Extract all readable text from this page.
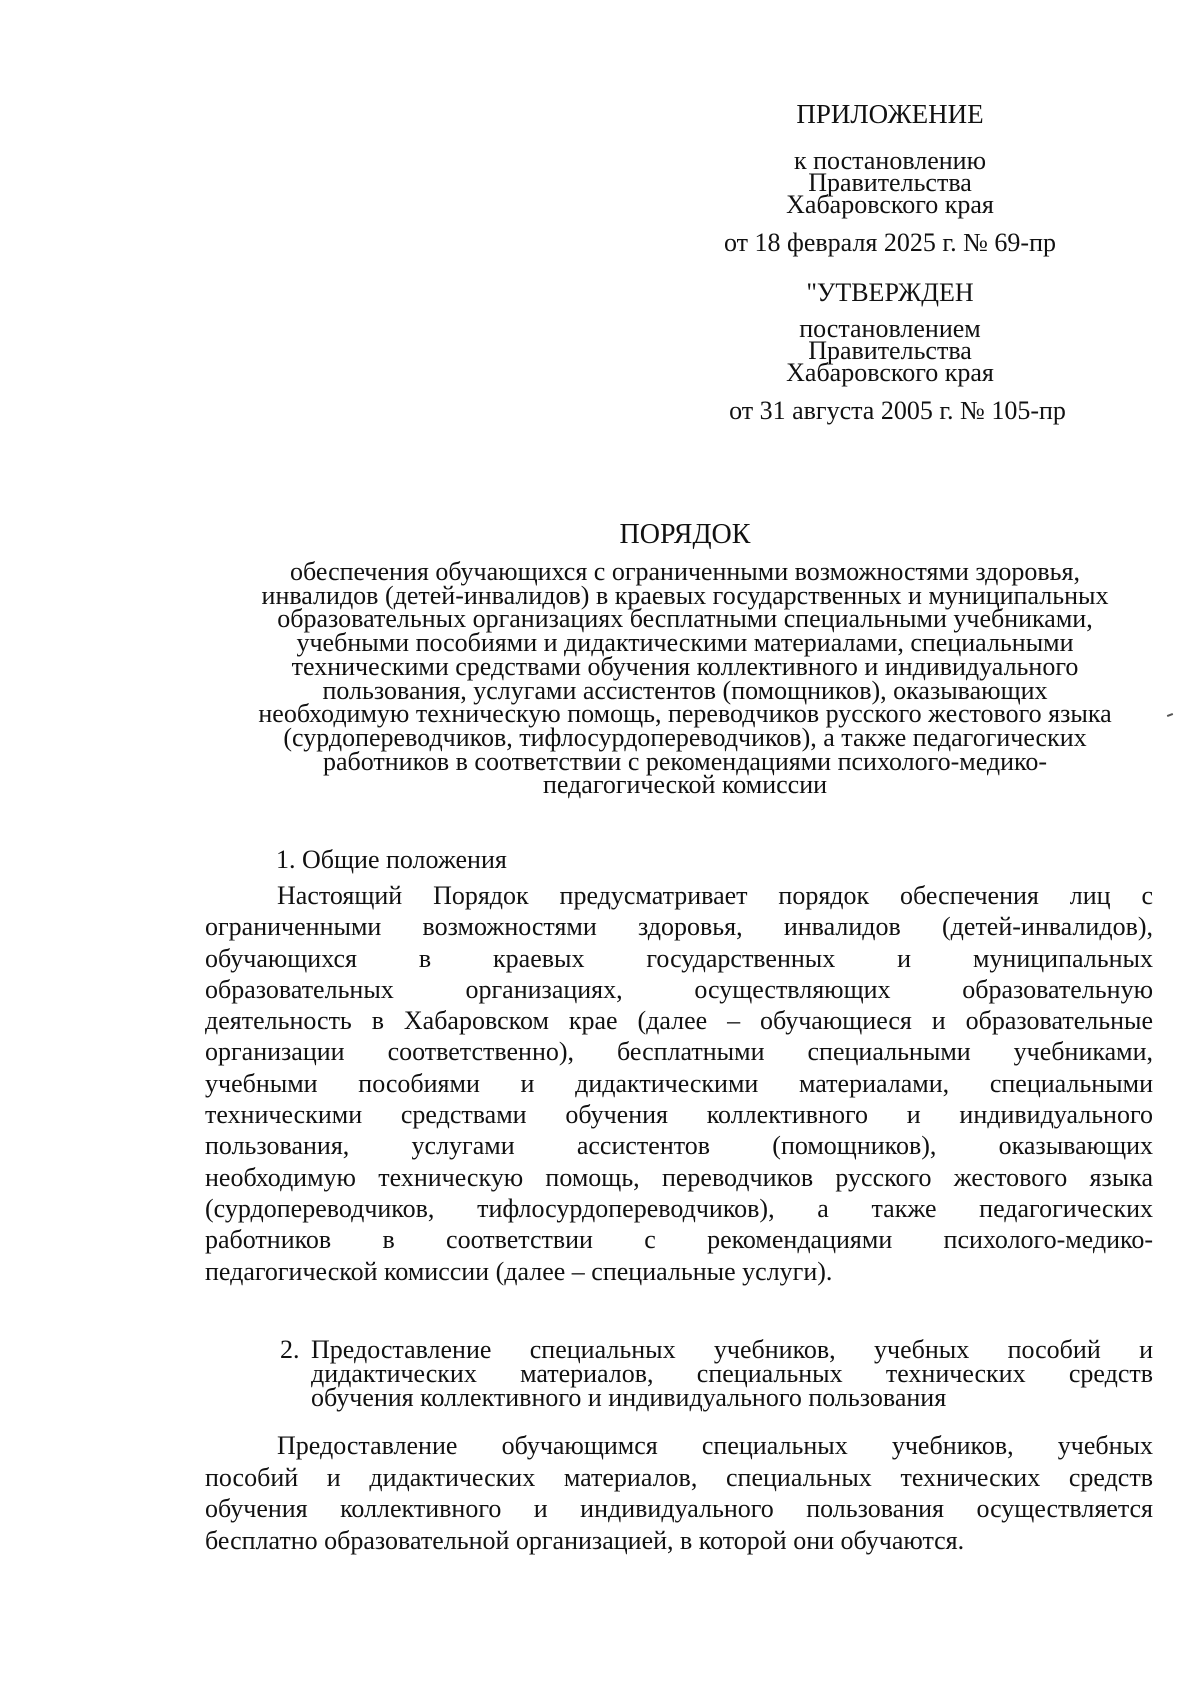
ПРИЛОЖЕНИЕ
к постановлению
Правительства
Хабаровского края
от 18 февраля 2025 г. № 69-пр
"УТВЕРЖДЕН
постановлением
Правительства
Хабаровского края
от 31 августа 2005 г. № 105-пр
ПОРЯДОК
обеспечения обучающихся с ограниченными возможностями здоровья,
инвалидов (детей-инвалидов) в краевых государственных и муниципальных
образовательных организациях бесплатными специальными учебниками,
учебными пособиями и дидактическими материалами, специальными
техническими средствами обучения коллективного и индивидуального
пользования, услугами ассистентов (помощников), оказывающих
необходимую техническую помощь, переводчиков русского жестового языка
(сурдопереводчиков, тифлосурдопереводчиков), а также педагогических
работников в соответствии с рекомендациями психолого-медико-
педагогической комиссии
1. Общие положения
Настоящий Порядок предусматривает порядок обеспечения лиц с
ограниченными возможностями здоровья, инвалидов (детей-инвалидов),
обучающихся в краевых государственных и муниципальных
образовательных организациях, осуществляющих образовательную
деятельность в Хабаровском крае (далее – обучающиеся и образовательные
организации соответственно), бесплатными специальными учебниками,
учебными пособиями и дидактическими материалами, специальными
техническими средствами обучения коллективного и индивидуального
пользования, услугами ассистентов (помощников), оказывающих
необходимую техническую помощь, переводчиков русского жестового языка
(сурдопереводчиков, тифлосурдопереводчиков), а также педагогических
работников в соответствии с рекомендациями психолого-медико-
педагогической комиссии (далее – специальные услуги).
2. Предоставление специальных учебников, учебных пособий и
дидактических материалов, специальных технических средств
обучения коллективного и индивидуального пользования
Предоставление обучающимся специальных учебников, учебных
пособий и дидактических материалов, специальных технических средств
обучения коллективного и индивидуального пользования осуществляется
бесплатно образовательной организацией, в которой они обучаются.
